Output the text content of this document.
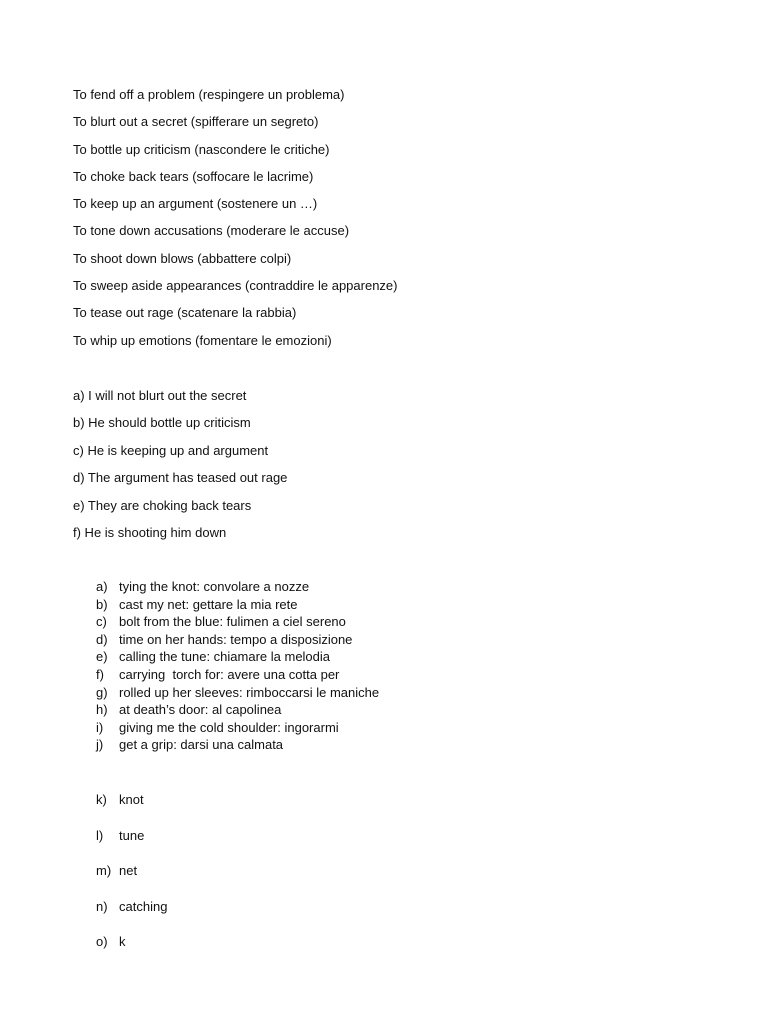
To fend off a problem (respingere un problema)
To blurt out a secret (spifferare un segreto)
To bottle up criticism (nascondere le critiche)
To choke back tears (soffocare le lacrime)
To keep up an argument (sostenere un …)
To tone down accusations (moderare le accuse)
To shoot down blows (abbattere colpi)
To sweep aside appearances (contraddire le apparenze)
To tease out rage (scatenare la rabbia)
To whip up emotions (fomentare le emozioni)
a) I will not blurt out the secret
b) He should bottle up criticism
c) He is keeping up and argument
d) The argument has teased out rage
e) They are choking back tears
f) He is shooting him down
a) tying the knot: convolare a nozze
b) cast my net: gettare la mia rete
c) bolt from the blue: fulimen a ciel sereno
d) time on her hands: tempo a disposizione
e) calling the tune: chiamare la melodia
f)	carrying  torch for: avere una cotta per
g) rolled up her sleeves: rimboccarsi le maniche
h) at death’s door: al capolinea
i)	giving me the cold shoulder: ingorarmi
j)	get a grip: darsi una calmata
k) knot
l)	tune
m) net
n) catching
o) k
